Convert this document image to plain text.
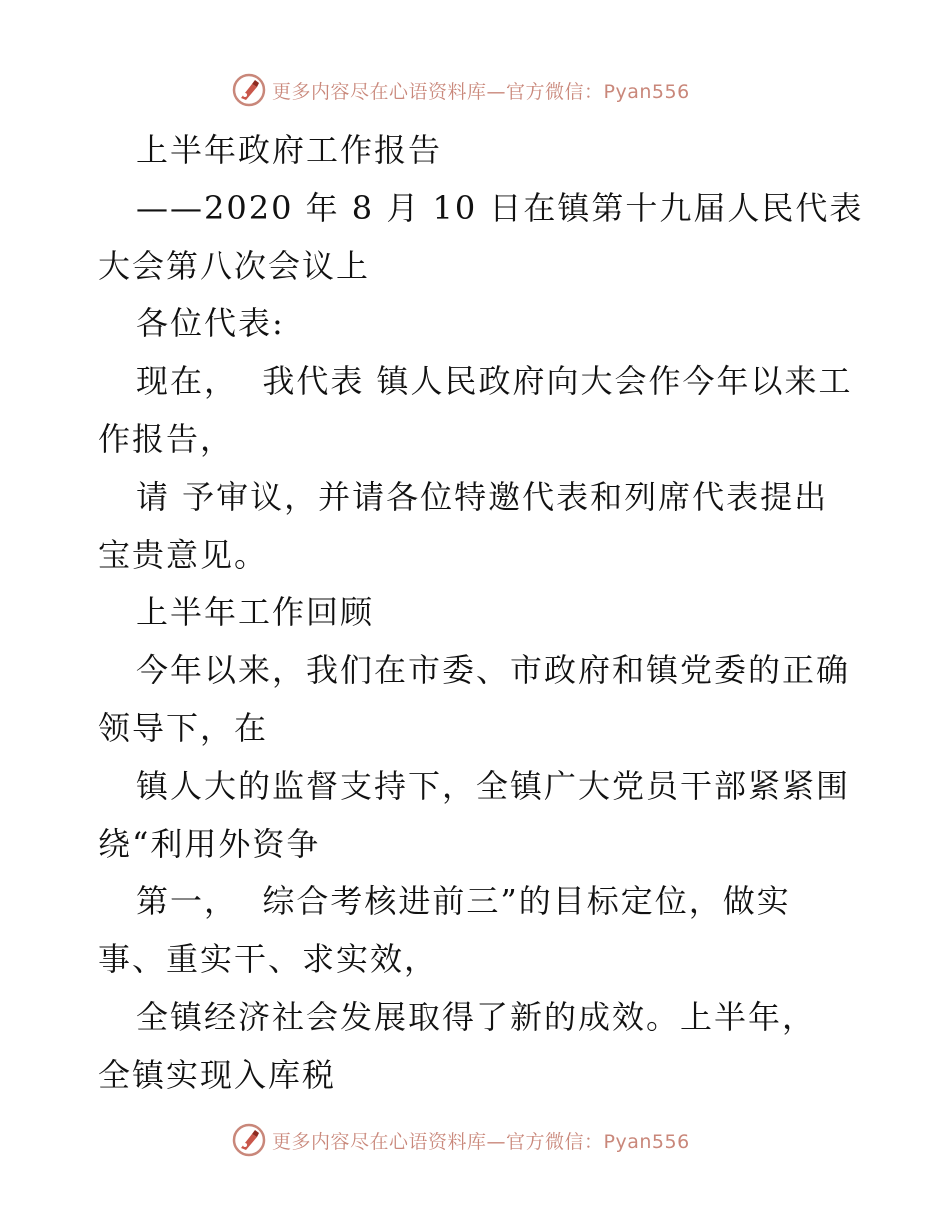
更多内容尽在心语资料库—官方微信：Pyan556
上半年政府工作报告
——2020 年 8 月 10 日在镇第十九届人民代表
大会第八次会议上
各位代表:
现在，  我代表 镇人民政府向大会作今年以来工
作报告，
请 予审议，并请各位特邀代表和列席代表提出
宝贵意见。
上半年工作回顾
今年以来，我们在市委、市政府和镇党委的正确
领导下，在
镇人大的监督支持下，全镇广大党员干部紧紧围
绕“利用外资争
第一，  综合考核进前三”的目标定位，做实
事、重实干、求实效，
全镇经济社会发展取得了新的成效。上半年，
全镇实现入库税
更多内容尽在心语资料库—官方微信：Pyan556
